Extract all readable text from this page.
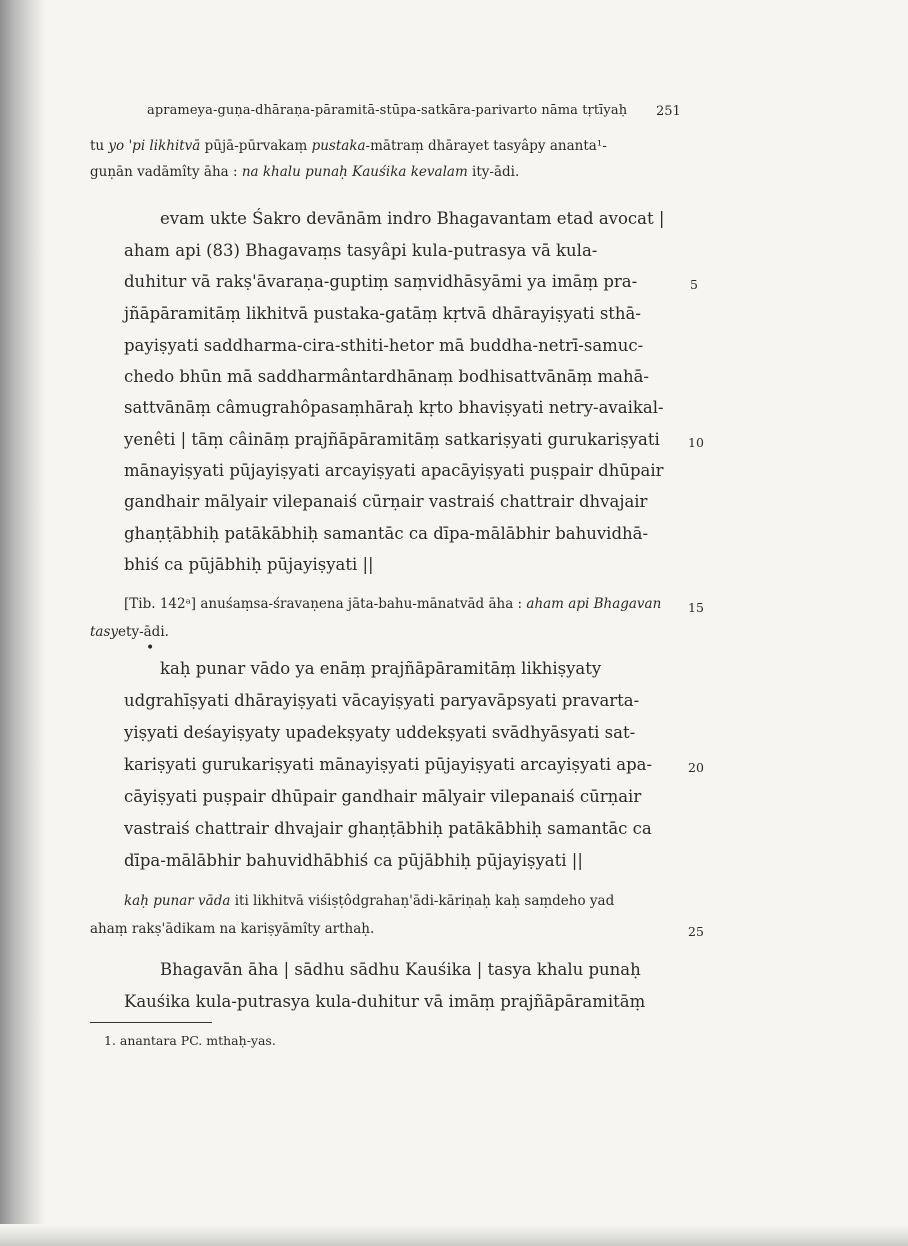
aprameya-guṇa-dhāraṇa-pāramitā-stūpa-satkāra-parivarto nāma tṛtīyaḥ 251
tu yo 'pi likhitvā pūjā-pūrvakaṃ pustaka-mātraṃ dhārayet tasyâpy ananta¹-
guṇān vadāmîty āha : na khalu punaḥ Kauśika kevalam ity-ādi.
evam ukte Śakro devānām indro Bhagavantam etad avocat |
aham api (83) Bhagavaṃs tasyâpi kula-putrasya vā kula-
duhitur vā rakṣ'āvaraṇa-guptiṃ saṃvidhāsyāmi ya imāṃ pra-
jñāpāramitāṃ likhitvā pustaka-gatāṃ kṛtvā dhārayiṣyati sthā-
payiṣyati saddharma-cira-sthiti-hetor mā buddha-netrī-samuc-
chedo bhūn mā saddharmântardhānaṃ bodhisattvānāṃ mahā-
sattvānāṃ câmugrahôpasaṃhāraḥ kṛto bhaviṣyati netry-avaikal-
yenêti | tāṃ câināṃ prajñāpāramitāṃ satkariṣyati gurukariṣyati
mānayiṣyati pūjayiṣyati arcayiṣyati apacāyiṣyati puṣpair dhūpair
gandhair mālyair vilepanaiś cūrṇair vastraiś chattrair dhvajair
ghaṇṭābhiḥ patākābhiḥ samantāc ca dīpa-mālābhir bahuvidhā-
bhiś ca pūjābhiḥ pūjayiṣyati ||
[Tib. 142ᵃ] anuśaṃsa-śravaṇena jāta-bahu-mānatvād āha : aham api Bhagavan
tasyety-ādi.
•
kaḥ punar vādo ya enāṃ prajñāpāramitāṃ likhiṣyaty
udgrahīṣyati dhārayiṣyati vācayiṣyati paryavāpsyati pravarta-
yiṣyati deśayiṣyaty upadekṣyaty uddekṣyati svādhyāsyati sat-
kariṣyati gurukariṣyati mānayiṣyati pūjayiṣyati arcayiṣyati apa-
cāyiṣyati puṣpair dhūpair gandhair mālyair vilepanaiś cūrṇair
vastraiś chattrair dhvajair ghaṇṭābhiḥ patākābhiḥ samantāc ca
dīpa-mālābhir bahuvidhābhiś ca pūjābhiḥ pūjayiṣyati ||
kaḥ punar vāda iti likhitvā viśiṣṭôdgrahaṇ'ādi-kāriṇaḥ kaḥ saṃdeho yad
ahaṃ rakṣ'ādikam na kariṣyāmîty arthaḥ.
Bhagavān āha | sādhu sādhu Kauśika | tasya khalu punaḥ
Kauśika kula-putrasya kula-duhitur vā imāṃ prajñāpāramitāṃ
1. anantara PC. mthaḥ-yas.
5
10
15
20
25
